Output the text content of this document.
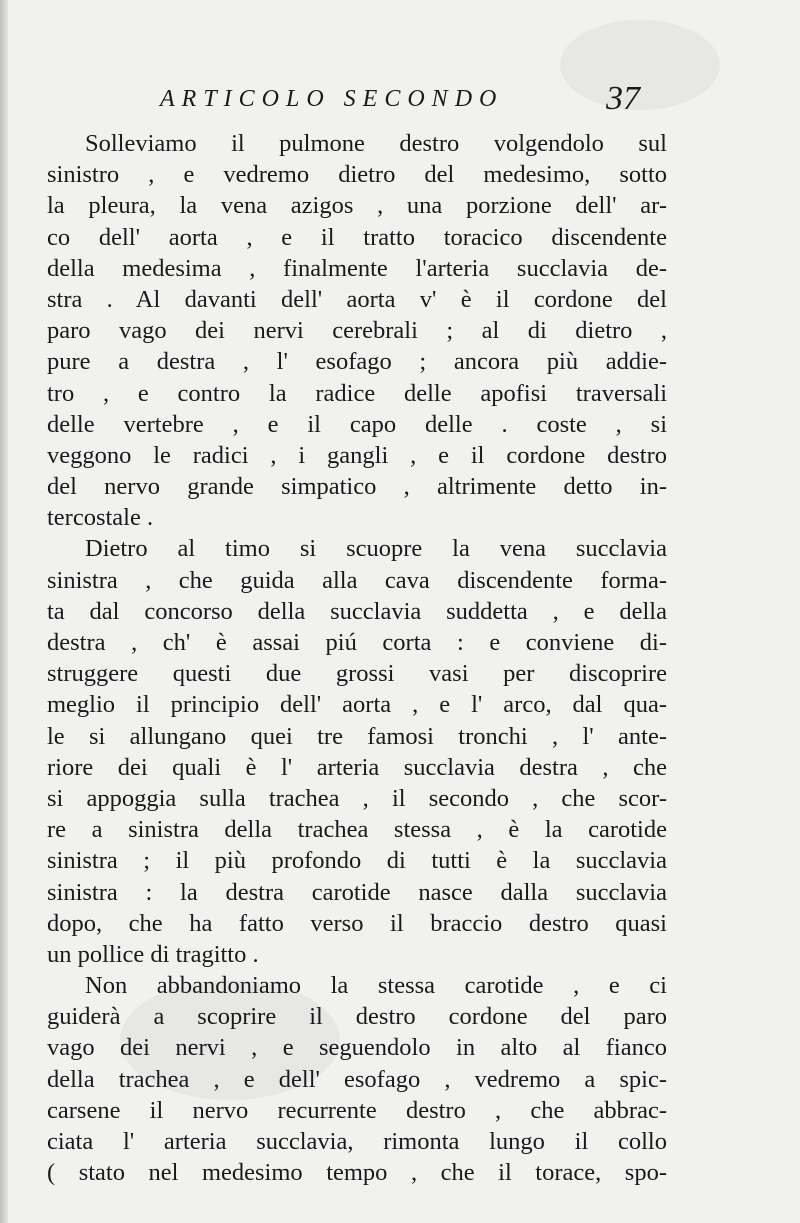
ARTICOLO SECONDO	37
Solleviamo il pulmone destro volgendolo sul
sinistro , e vedremo dietro del medesimo, sotto
la pleura, la vena azigos , una porzione dell' ar-
co dell' aorta , e il tratto toracico discendente
della medesima , finalmente l'arteria succlavia de-
stra . Al davanti dell' aorta v' è il cordone del
paro vago dei nervi cerebrali ; al di dietro ,
pure a destra , l' esofago ; ancora più addie-
tro , e contro la radice delle apofisi traversali
delle vertebre , e il capo delle . coste , si
veggono le radici , i gangli , e il cordone destro
del nervo grande simpatico , altrimente detto in-
tercostale .
Dietro al timo si scuopre la vena succlavia
sinistra , che guida alla cava discendente forma-
ta dal concorso della succlavia suddetta , e della
destra , ch' è assai piú corta : e conviene di-
struggere questi due grossi vasi per discoprire
meglio il principio dell' aorta , e l' arco, dal qua-
le si allungano quei tre famosi tronchi , l' ante-
riore dei quali è l' arteria succlavia destra , che
si appoggia sulla trachea , il secondo , che scor-
re a sinistra della trachea stessa , è la carotide
sinistra ; il più profondo di tutti è la succlavia
sinistra : la destra carotide nasce dalla succlavia
dopo, che ha fatto verso il braccio destro quasi
un pollice di tragitto .
Non abbandoniamo la stessa carotide , e ci
guiderà a scoprire il destro cordone del paro
vago dei nervi , e seguendolo in alto al fianco
della trachea , e dell' esofago , vedremo a spic-
carsene il nervo recurrente destro , che abbrac-
ciata l' arteria succlavia, rimonta lungo il collo
( stato nel medesimo tempo , che il torace, spo-
